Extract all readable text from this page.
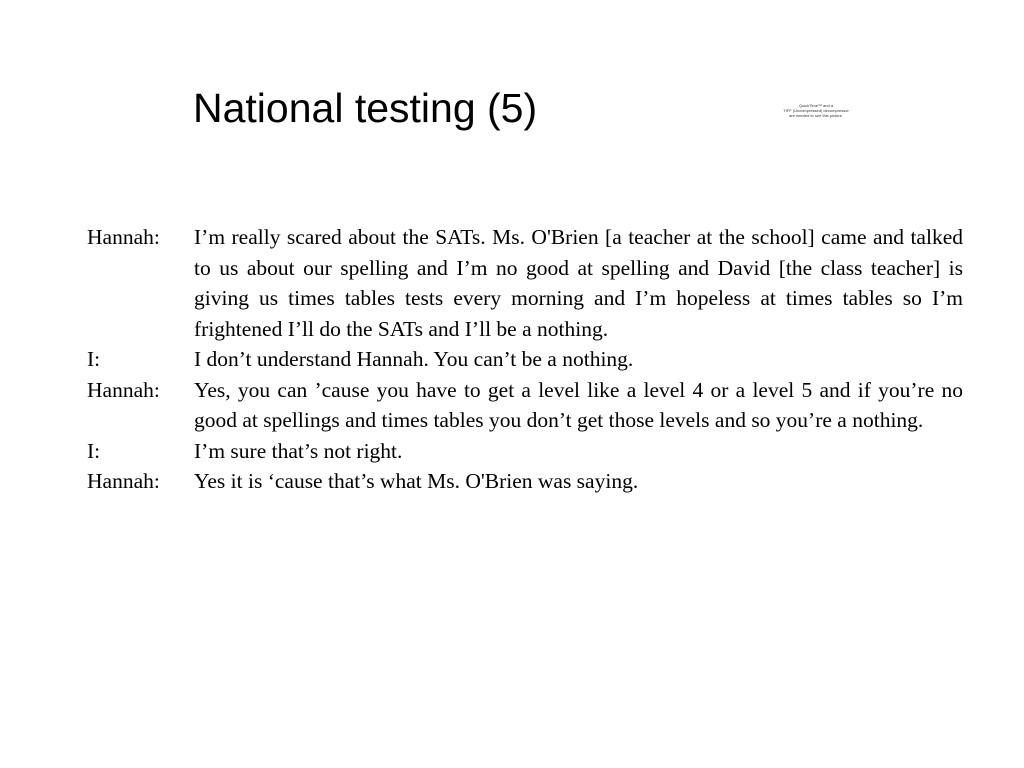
National testing (5)	QuickTime™ and a
TIFF (Uncompressed) decompressor
are needed to see this picture.
Hannah:	I’m really scared about the SATs. Ms. O'Brien [a teacher at the school] came and talked to us about our spelling and I’m no good at spelling and David [the class teacher] is giving us times tables tests every morning and I’m hopeless at times tables so I’m frightened I’ll do the SATs and I’ll be a nothing.
I:	I don’t understand Hannah. You can’t be a nothing.
Hannah:	Yes, you can ’cause you have to get a level like a level 4 or a level 5 and if you’re no good at spellings and times tables you don’t get those levels and so you’re a nothing.
I:	I’m sure that’s not right.
Hannah:	Yes it is ‘cause that’s what Ms. O'Brien was saying.
